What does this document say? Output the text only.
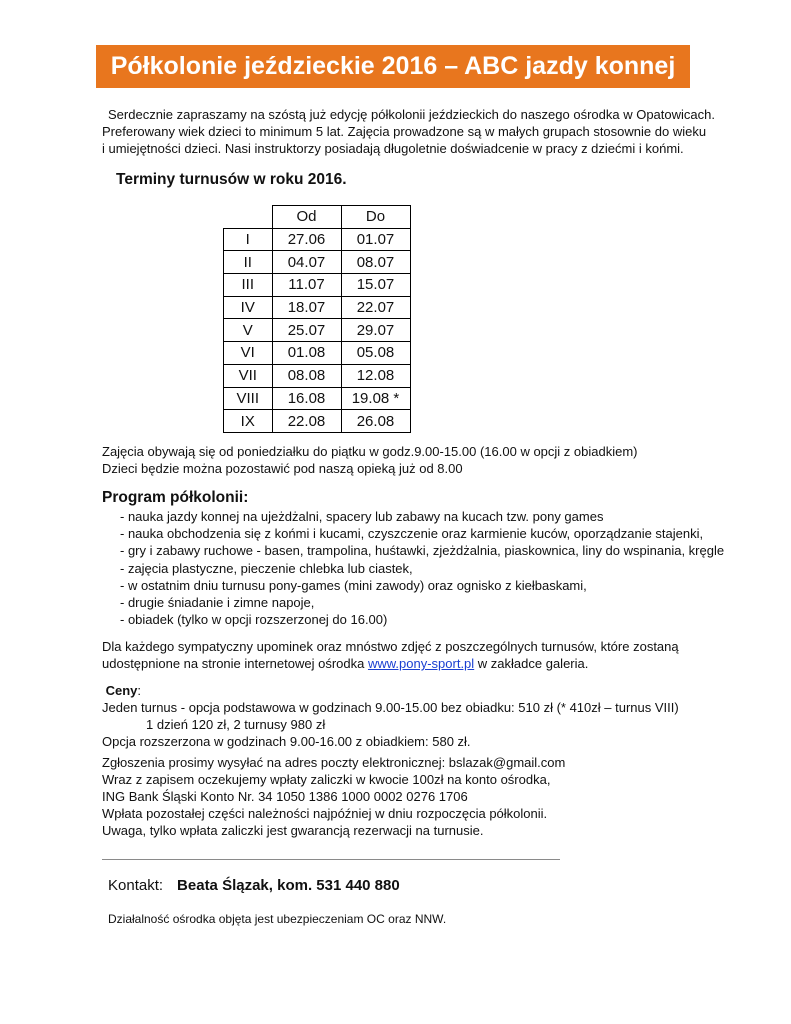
Półkolonie jeździeckie 2016 – ABC jazdy konnej

Serdecznie zapraszamy na szóstą już edycję półkolonii jeździeckich do naszego ośrodka w Opatowicach.

Preferowany wiek dzieci to minimum 5 lat. Zajęcia prowadzone są w małych grupach stosownie do wieku

i umiejętności dzieci. Nasi instruktorzy posiadają długoletnie doświadcenie w pracy z dziećmi i końmi.

Terminy turnusów w roku 2016.
	Od	Do
I	27.06	01.07
II	04.07	08.07
III	11.07	15.07
IV	18.07	22.07
V	25.07	29.07
VI	01.08	05.08
VII	08.08	12.08
VIII	16.08	19.08 *
IX	22.08	26.08

Zajęcia obywają się od poniedziałku do piątku w godz.9.00-15.00 (16.00 w opcji z obiadkiem)

Dzieci będzie można pozostawić pod naszą opieką już od 8.00

Program półkolonii:
- nauka jazdy konnej na ujeżdżalni, spacery lub zabawy na kucach tzw. pony games
- nauka obchodzenia się z końmi i kucami, czyszczenie oraz karmienie kuców, oporządzanie stajenki,
- gry i zabawy ruchowe - basen, trampolina, huśtawki, zjeżdżalnia, piaskownica, liny do wspinania, kręgle
- zajęcia plastyczne, pieczenie chlebka lub ciastek,
- w ostatnim dniu turnusu pony-games (mini zawody) oraz ognisko z kiełbaskami,
- drugie śniadanie i zimne napoje,
- obiadek (tylko w opcji rozszerzonej do 16.00)

Dla każdego sympatyczny upominek oraz mnóstwo zdjęć z poszczególnych turnusów, które zostaną

udostępnione na stronie internetowej ośrodka www.pony-sport.pl w zakładce galeria.

Ceny:

Jeden turnus - opcja podstawowa w godzinach 9.00-15.00 bez obiadku: 510 zł (* 410zł – turnus VIII)

1 dzień 120 zł, 2 turnusy 980 zł

Opcja rozszerzona w godzinach 9.00-16.00 z obiadkiem: 580 zł.

Zgłoszenia prosimy wysyłać na adres poczty elektronicznej: bslazak@gmail.com

Wraz z zapisem oczekujemy wpłaty zaliczki w kwocie 100zł na konto ośrodka,

ING Bank Śląski Konto Nr. 34 1050 1386 1000 0002 0276 1706

Wpłata pozostałej części należności najpóźniej w dniu rozpoczęcia półkolonii.

Uwaga, tylko wpłata zaliczki jest gwarancją rezerwacji na turnusie.

Kontakt: Beata Ślązak, kom. 531 440 880
Działalność ośrodka objęta jest ubezpieczeniam OC oraz NNW.
